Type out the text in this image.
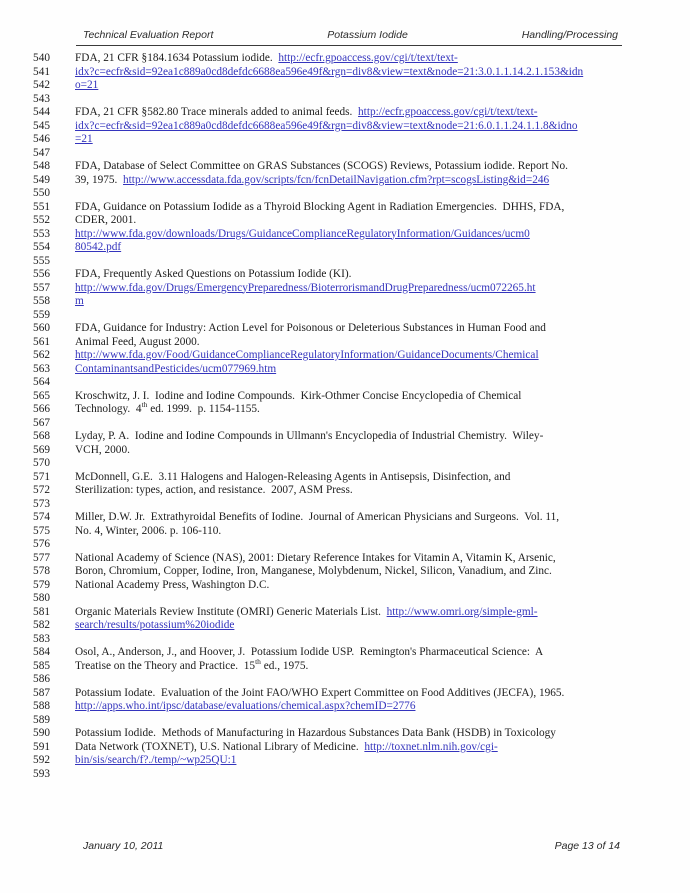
Technical Evaluation Report	Potassium Iodide	Handling/Processing
540 FDA, 21 CFR §184.1634 Potassium iodide.  http://ecfr.gpoaccess.gov/cgi/t/text/text-
541 idx?c=ecfr&sid=92ea1c889a0cd8defdc6688ea596e49f&rgn=div8&view=text&node=21:3.0.1.1.14.2.1.153&idn
542 o=21
543
544 FDA, 21 CFR §582.80 Trace minerals added to animal feeds.  http://ecfr.gpoaccess.gov/cgi/t/text/text-
545 idx?c=ecfr&sid=92ea1c889a0cd8defdc6688ea596e49f&rgn=div8&view=text&node=21:6.0.1.1.24.1.1.8&idno
546 =21
547
548 FDA, Database of Select Committee on GRAS Substances (SCOGS) Reviews, Potassium iodide. Report No.
549 39, 1975.  http://www.accessdata.fda.gov/scripts/fcn/fcnDetailNavigation.cfm?rpt=scogsListing&id=246
550
551 FDA, Guidance on Potassium Iodide as a Thyroid Blocking Agent in Radiation Emergencies.  DHHS, FDA,
552 CDER, 2001.
553 http://www.fda.gov/downloads/Drugs/GuidanceComplianceRegulatoryInformation/Guidances/ucm0
554 80542.pdf
555
556 FDA, Frequently Asked Questions on Potassium Iodide (KI).
557 http://www.fda.gov/Drugs/EmergencyPreparedness/BioterrorismandDrugPreparedness/ucm072265.ht
558 m
559
560 FDA, Guidance for Industry: Action Level for Poisonous or Deleterious Substances in Human Food and
561 Animal Feed, August 2000.
562 http://www.fda.gov/Food/GuidanceComplianceRegulatoryInformation/GuidanceDocuments/Chemical
563 ContaminantsandPesticides/ucm077969.htm
564
565 Kroschwitz, J. I.  Iodine and Iodine Compounds.  Kirk-Othmer Concise Encyclopedia of Chemical
566 Technology.  4th ed. 1999.  p. 1154-1155.
567
568 Lyday, P. A.  Iodine and Iodine Compounds in Ullmann's Encyclopedia of Industrial Chemistry.  Wiley-
569 VCH, 2000.
570
571 McDonnell, G.E.  3.11 Halogens and Halogen-Releasing Agents in Antisepsis, Disinfection, and
572 Sterilization: types, action, and resistance.  2007, ASM Press.
573
574 Miller, D.W. Jr.  Extrathyroidal Benefits of Iodine.  Journal of American Physicians and Surgeons.  Vol. 11,
575 No. 4, Winter, 2006. p. 106-110.
576
577 National Academy of Science (NAS), 2001: Dietary Reference Intakes for Vitamin A, Vitamin K, Arsenic,
578 Boron, Chromium, Copper, Iodine, Iron, Manganese, Molybdenum, Nickel, Silicon, Vanadium, and Zinc.
579 National Academy Press, Washington D.C.
580
581 Organic Materials Review Institute (OMRI) Generic Materials List.  http://www.omri.org/simple-gml-
582 search/results/potassium%20iodide
583
584 Osol, A., Anderson, J., and Hoover, J.  Potassium Iodide USP.  Remington's Pharmaceutical Science:  A
585 Treatise on the Theory and Practice.  15th ed., 1975.
586
587 Potassium Iodate.  Evaluation of the Joint FAO/WHO Expert Committee on Food Additives (JECFA), 1965.
588 http://apps.who.int/ipsc/database/evaluations/chemical.aspx?chemID=2776
589
590 Potassium Iodide.  Methods of Manufacturing in Hazardous Substances Data Bank (HSDB) in Toxicology
591 Data Network (TOXNET), U.S. National Library of Medicine.  http://toxnet.nlm.nih.gov/cgi-
592 bin/sis/search/f?./temp/~wp25QU:1
593
January 10, 2011	Page 13 of 14
